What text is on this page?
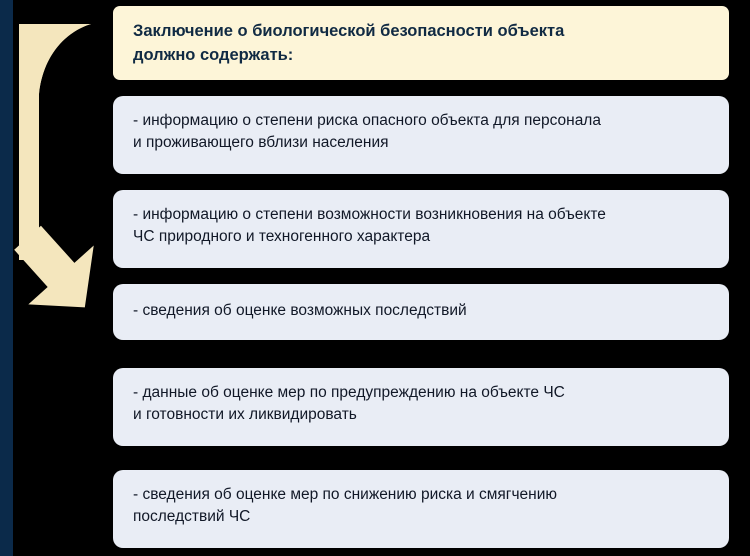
Заключение о биологической безопасности объекта
должно содержать:
- информацию о степени риска опасного объекта для персонала
и проживающего вблизи населения
- информацию о степени возможности возникновения на объекте
ЧС природного и техногенного характера
- сведения об оценке возможных последствий
- данные об оценке мер по предупреждению на объекте ЧС
и готовности их ликвидировать
- сведения об оценке мер по снижению риска и смягчению
последствий ЧС
